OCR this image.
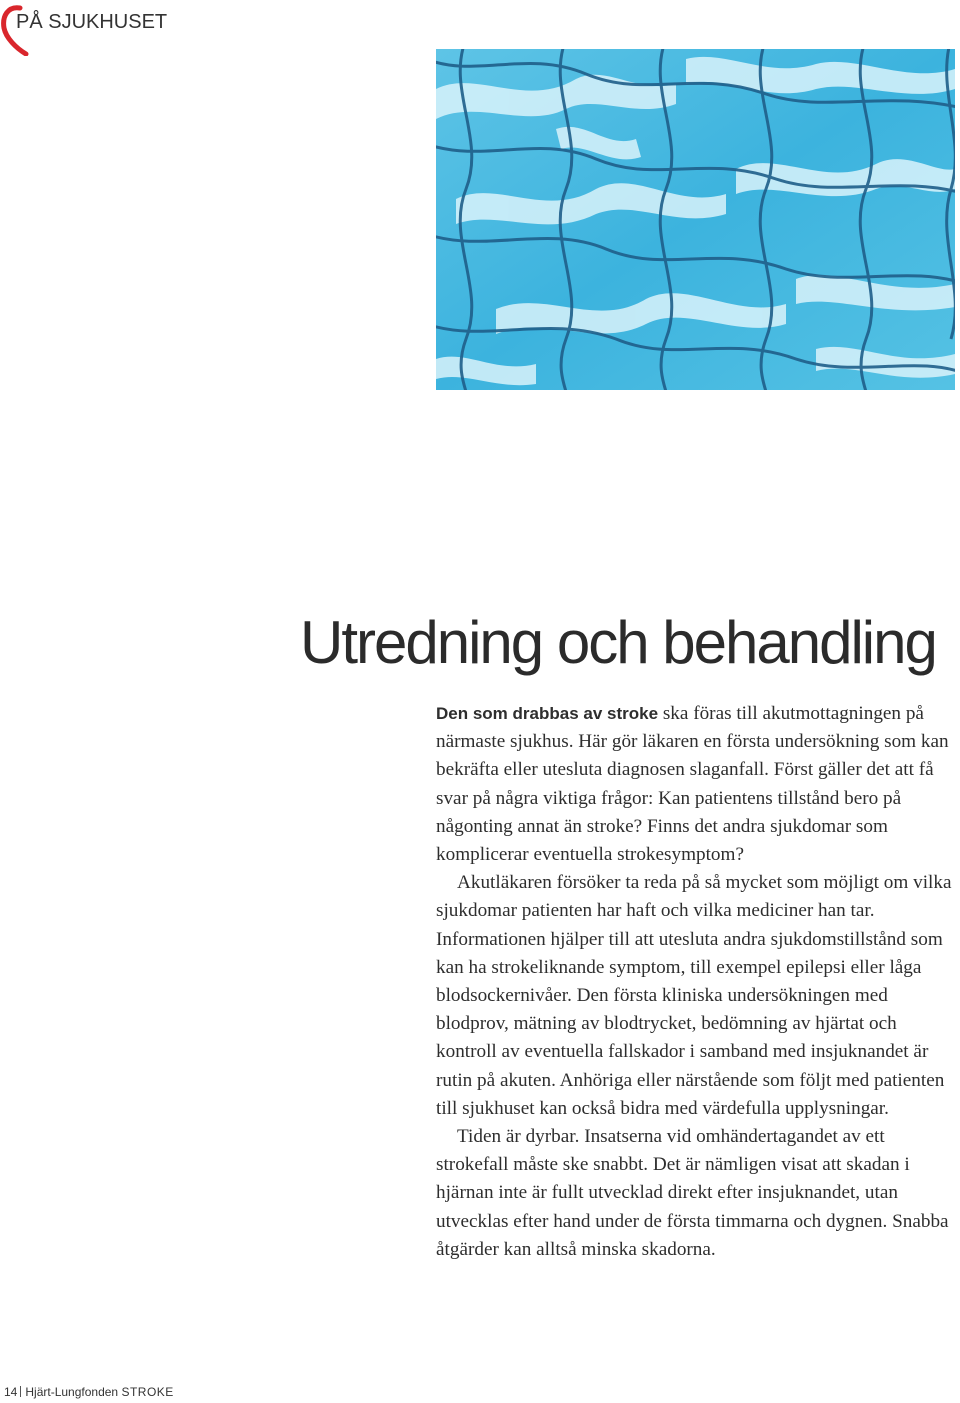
PÅ SJUKHUSET
Utredning och behandling

Den som drabbas av stroke ska föras till akutmottagningen på närmaste sjukhus. Här gör läkaren en första undersökning som kan bekräfta eller utesluta diagnosen slaganfall. Först gäller det att få svar på några viktiga frågor: Kan patientens tillstånd bero på någonting annat än stroke? Finns det andra sjukdomar som komplicerar eventuella strokesymptom?

Akutläkaren försöker ta reda på så mycket som möjligt om vilka sjukdomar patienten har haft och vilka mediciner han tar. Informationen hjälper till att utesluta andra sjukdomstillstånd som kan ha strokeliknande symptom, till exempel epilepsi eller låga blodsockernivåer. Den första kliniska undersökningen med blodprov, mätning av blodtrycket, bedömning av hjärtat och kontroll av eventuella fallskador i samband med insjuknandet är rutin på akuten. Anhöriga eller närstående som följt med patienten till sjukhuset kan också bidra med värdefulla upplysningar.

Tiden är dyrbar. Insatserna vid omhändertagandet av ett strokefall måste ske snabbt. Det är nämligen visat att skadan i hjärnan inte är fullt utvecklad direkt efter insjuknandet, utan utvecklas efter hand under de första timmarna och dygnen. Snabba åtgärder kan alltså minska skadorna.

14 Hjärt-Lungfonden STROKE
